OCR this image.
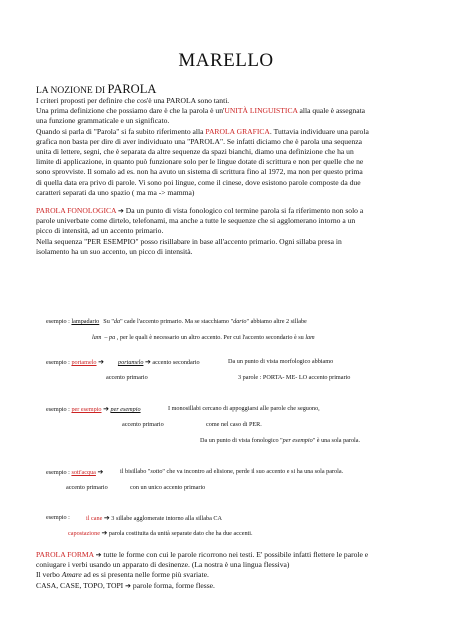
MARELLO
LA NOZIONE DI PAROLA
I criteri proposti per definire che cos'è una PAROLA sono tanti.
Una prima definizione che possiamo dare è che la parola è un'UNITÀ LINGUISTICA alla quale è assegnata
una funzione grammaticale e un significato.
Quando si parla di "Parola" si fa subito riferimento alla PAROLA GRAFICA. Tuttavia individuare una parola
grafica non basta per dire di aver individuato una "PAROLA". Se infatti diciamo che è parola una sequenza
unita di lettere, segni, che è separata da altre sequenze da spazi bianchi, diamo una definizione che ha un
limite di applicazione, in quanto può funzionare solo per le lingue dotate di scrittura e non per quelle che ne
sono sprovviste. Il somalo ad es. non ha avuto un sistema di scrittura fino al 1972, ma non per questo prima
di quella data era privo di parole. Vi sono poi lingue, come il cinese, dove esistono parole composte da due
caratteri separati da uno spazio ( ma ma -> mamma)
PAROLA FONOLOGICA ➔ Da un punto di vista fonologico col termine parola si fa riferimento non solo a
parole univerbate come dirtelo, telefonami, ma anche a tutte le sequenze che si agglomerano intorno a un
picco di intensità, ad un accento primario.
Nella sequenza "PER ESEMPIO" posso risillabare in base all'accento primario. Ogni sillaba presa in
isolamento ha un suo accento, un picco di intensità.
esempio : lampadario Su "da" cade l'accento primario. Ma se stacchiamo "dario" abbiamo altre 2 sillabe
lam – pa , per le quali è necessario un altro accento. Per cui l'accento secondario è su lam
esempio : portamelo ➔ portamelo ➔ accento secondario	Da un punto di vista morfologico abbiamo
accento primario	3 parole : PORTA- ME- LO accento primario
esempio : per esempio ➔ per esempio	I monosillabi cercano di appoggiarsi alle parole che seguono,
accento primario	come nel caso di PER.
Da un punto di vista fonologico "per esempio" è una sola parola.
esempio : sott'acqua ➔	il bisillabo "sotto" che va incontro ad elisione, perde il suo accento e si ha una sola parola.
accento primario	con un unico accento primario
esempio :	il cane ➔ 3 sillabe agglomerate intorno alla sillaba CA
capostazione ➔ parola costituita da unità separate dato che ha due accenti.
PAROLA FORMA ➔ tutte le forme con cui le parole ricorrono nei testi. E' possibile infatti flettere le parole e
coniugare i verbi usando un apparato di desinenze. (La nostra è una lingua flessiva)
Il verbo Amare ad es si presenta nelle forme più svariate.
CASA, CASE, TOPO, TOPI ➔ parole forma, forme flesse.
